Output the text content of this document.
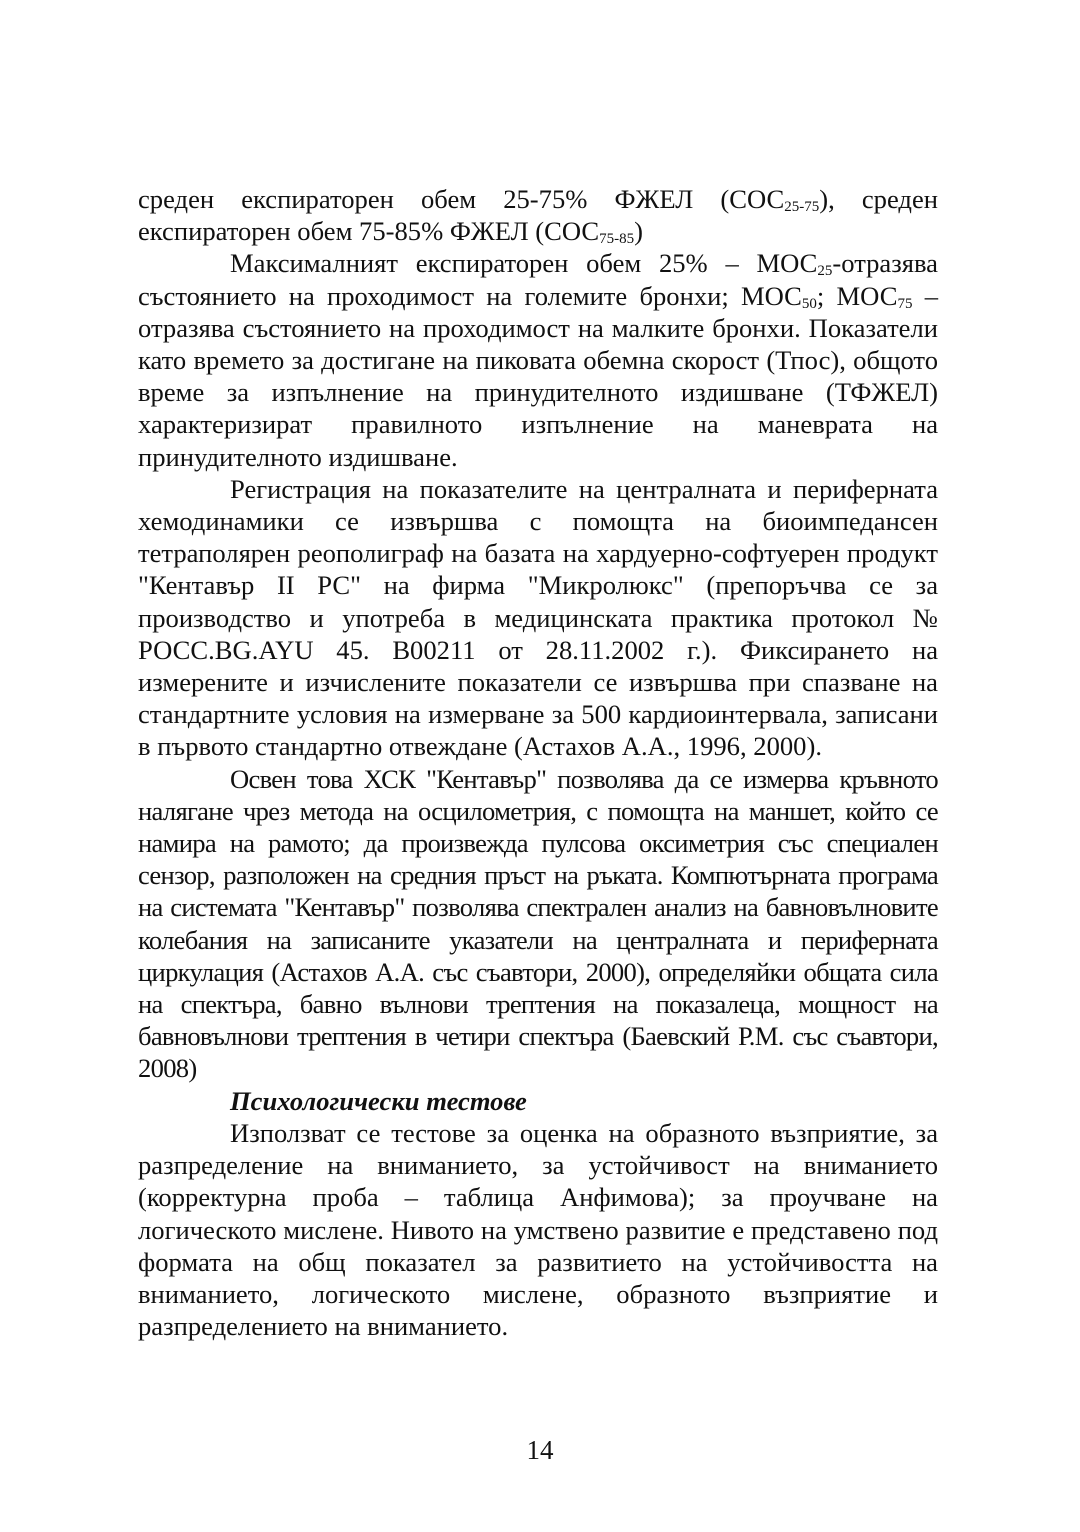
среден експираторен обем 25-75% ФЖЕЛ $(СОС_{25-75})$, среден експираторен обем 75-85% ФЖЕЛ $(СОС_{75-85})$

Максималният експираторен обем $25\% - МОС_{25}$-отразява състоянието на проходимост на големите бронхи; $МОС_{50}$; $МОС_{75}$ – отразява състоянието на проходимост на малките бронхи. Показатели като времето за достигане на пиковата обемна скорост (Тпос), общото време за изпълнение на принудителното издишване (ТФЖЕЛ) характеризират правилното изпълнение на маневрата на принудителното издишване.

Регистрация на показателите на централната и периферната хемодинамики се извършва с помощта на биоимпедансен тетраполярен реополиграф на базата на хардуерно-софтуерен продукт "Кентавър II РС" на фирма "Микролюкс" (препоръчва се за производство и употреба в медицинската практика протокол № РОСС.BG.AYU 45. В00211 от 28.11.2002 г.). Фиксирането на измерените и изчислените показатели се извършва при спазване на стандартните условия на измерване за 500 кардиоинтервала, записани в първото стандартно отвеждане (Астахов А.А., 1996, 2000).

Освен това ХСК "Кентавър" позволява да се измерва кръвното налягане чрез метода на осцилометрия, с помощта на маншет, който се намира на рамото; да произвежда пулсова оксиметрия със специален сензор, разположен на средния пръст на ръката. Компютърната програма на системата "Кентавър" позволява спектрален анализ на бавновълновите колебания на записаните указатели на централната и периферната циркулация (Астахов А.А. със съавтори, 2000), определяйки общата сила на спектъра, бавно вълнови трептения на показалеца, мощност на бавновълнови трептения в четири спектъра (Баевский Р.М. със съавтори, 2008)

Психологически тестове

Използват се тестове за оценка на образното възприятие, за разпределение на вниманието, за устойчивост на вниманието (корректурна проба – таблица Анфимова); за проучване на логическото мислене. Нивото на умствено развитие е представено под формата на общ показател за развитието на устойчивостта на вниманието, логическото мислене, образното възприятие и разпределението на вниманието.

14
